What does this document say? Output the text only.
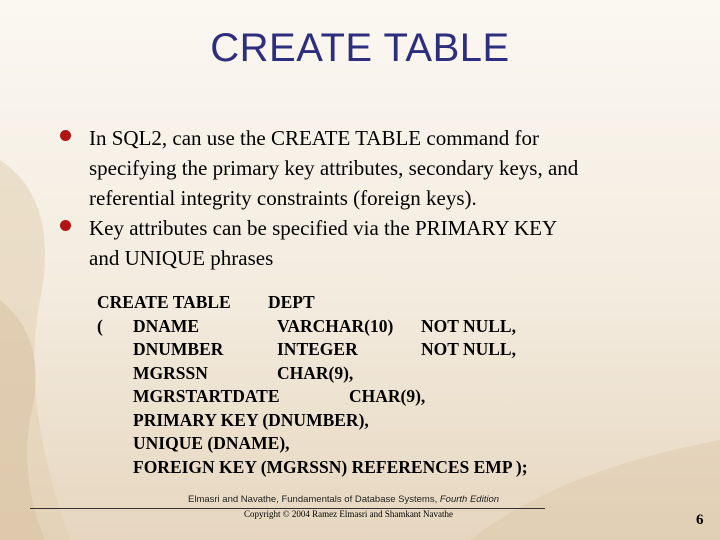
CREATE TABLE
In SQL2, can use the CREATE TABLE command for
specifying the primary key attributes, secondary keys, and
referential integrity constraints (foreign keys).
Key attributes can be specified via the PRIMARY KEY
and UNIQUE phrases
CREATE TABLE DEPT
( DNAME	VARCHAR(10) NOT NULL,
DNUMBER	INTEGER	NOT NULL,
MGRSSN	CHAR(9),
MGRSTARTDATE	CHAR(9),
PRIMARY KEY (DNUMBER),
UNIQUE (DNAME),
FOREIGN KEY (MGRSSN) REFERENCES EMP );
Elmasri and Navathe, Fundamentals of Database Systems, Fourth Edition
Copyright © 2004 Ramez Elmasri and Shamkant Navathe	6
